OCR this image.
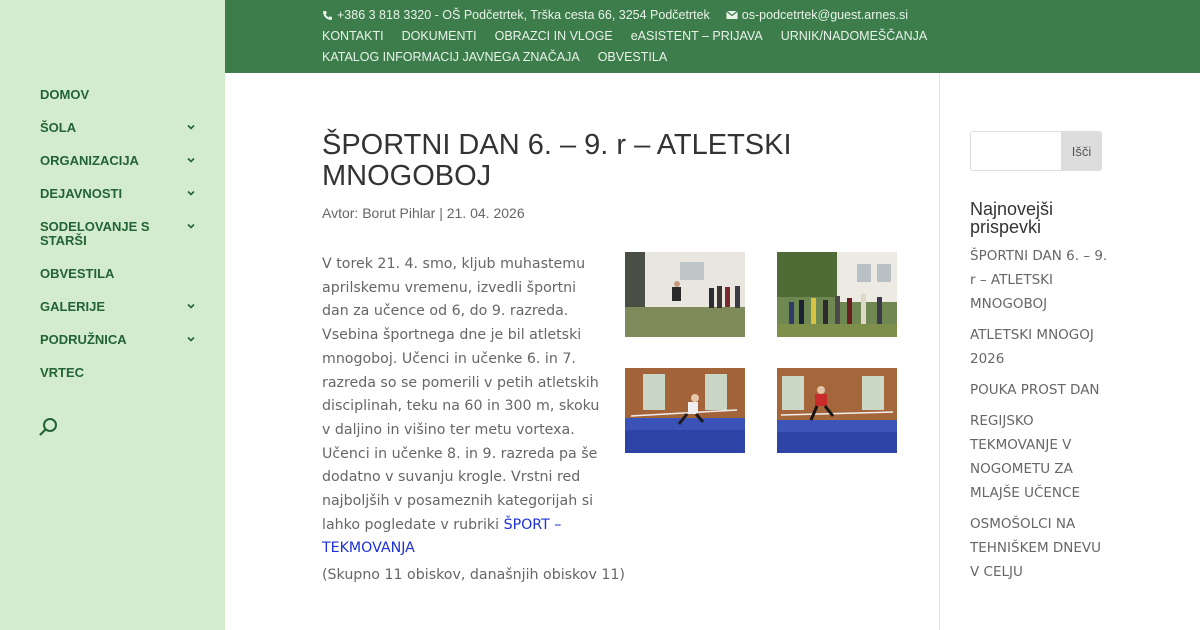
DOMOV
ŠOLA
ORGANIZACIJA
DEJAVNOSTI
SODELOVANJE S STARŠI
OBVESTILA
GALERIJE
PODRUŽNICA
VRTEC
+386 3 818 3320 - OŠ Podčetrtek, Trška cesta 66, 3254 Podčetrtek	os-podcetrtek@guest.arnes.si
KONTAKTI DOKUMENTI OBRAZCI IN VLOGE eASISTENT – PRIJAVA URNIK/NADOMEŠČANJA
KATALOG INFORMACIJ JAVNEGA ZNAČAJA OBVESTILA
ŠPORTNI DAN 6. – 9. r – ATLETSKI MNOGOBOJ
Avtor: Borut Pihlar | 21. 04. 2026

V torek 21. 4. smo, kljub muhastemu aprilskemu vremenu, izvedli športni dan za učence od 6, do 9. razreda. Vsebina športnega dne je bil atletski mnogoboj. Učenci in učenke 6. in 7. razreda so se pomerili v petih atletskih disciplinah, teku na 60 in 300 m, skoku v daljino in višino ter metu vortexa. Učenci in učenke 8. in 9. razreda pa še dodatno v suvanju krogle. Vrstni red najboljših v posameznih kategorijah si lahko pogledate v rubriki ŠPORT – TEKMOVANJA

(Skupno 11 obiskov, današnjih obiskov 11)
Išči
Najnovejši prispevki
ŠPORTNI DAN 6. – 9. r – ATLETSKI MNOGOBOJ
ATLETSKI MNOGOJ 2026
POUKA PROST DAN
REGIJSKO TEKMOVANJE V NOGOMETU ZA MLAJŠE UČENCE
OSMOŠOLCI NA TEHNIŠKEM DNEVU V CELJU
